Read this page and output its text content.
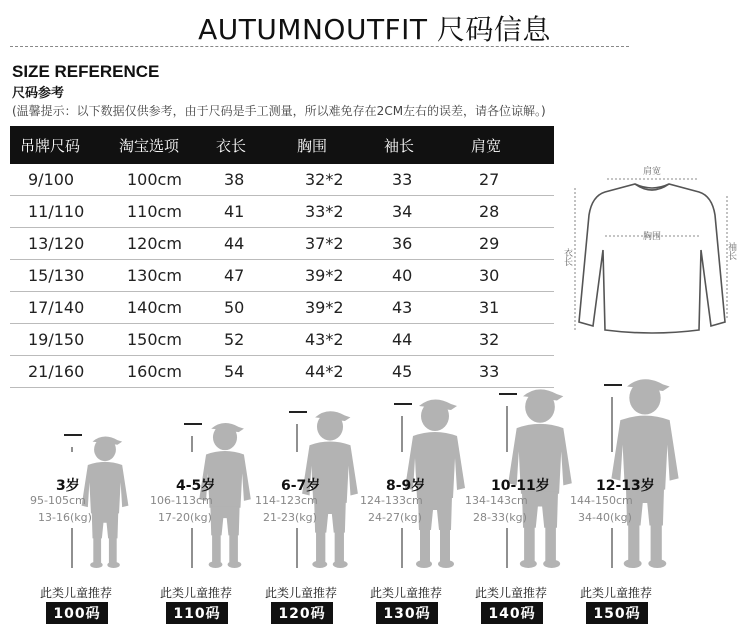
AUTUMNOUTFIT 尺码信息
SIZE REFERENCE
尺码参考
(温馨提示：以下数据仅供参考，由于尺码是手工测量，所以难免存在2CM左右的误差，请各位谅解。)
吊牌尺码	淘宝选项	衣长	胸围	袖长	肩宽
9/100	100cm	38	32*2	33	27
11/110	110cm	41	33*2	34	28
13/120	120cm	44	37*2	36	29
15/130	130cm	47	39*2	40	30
17/140	140cm	50	39*2	43	31
19/150	150cm	52	43*2	44	32
21/160	160cm	54	44*2	45	33
肩宽
胸围
衣长	袖长
3岁
95-105cm
13-16(kg)
此类儿童推荐
100码
4-5岁
106-113cm
17-20(kg)
此类儿童推荐
110码
6-7岁
114-123cm
21-23(kg)
此类儿童推荐
120码
8-9岁
124-133cm
24-27(kg)
此类儿童推荐
130码
10-11岁
134-143cm
28-33(kg)
此类儿童推荐
140码
12-13岁
144-150cm
34-40(kg)
此类儿童推荐
150码
